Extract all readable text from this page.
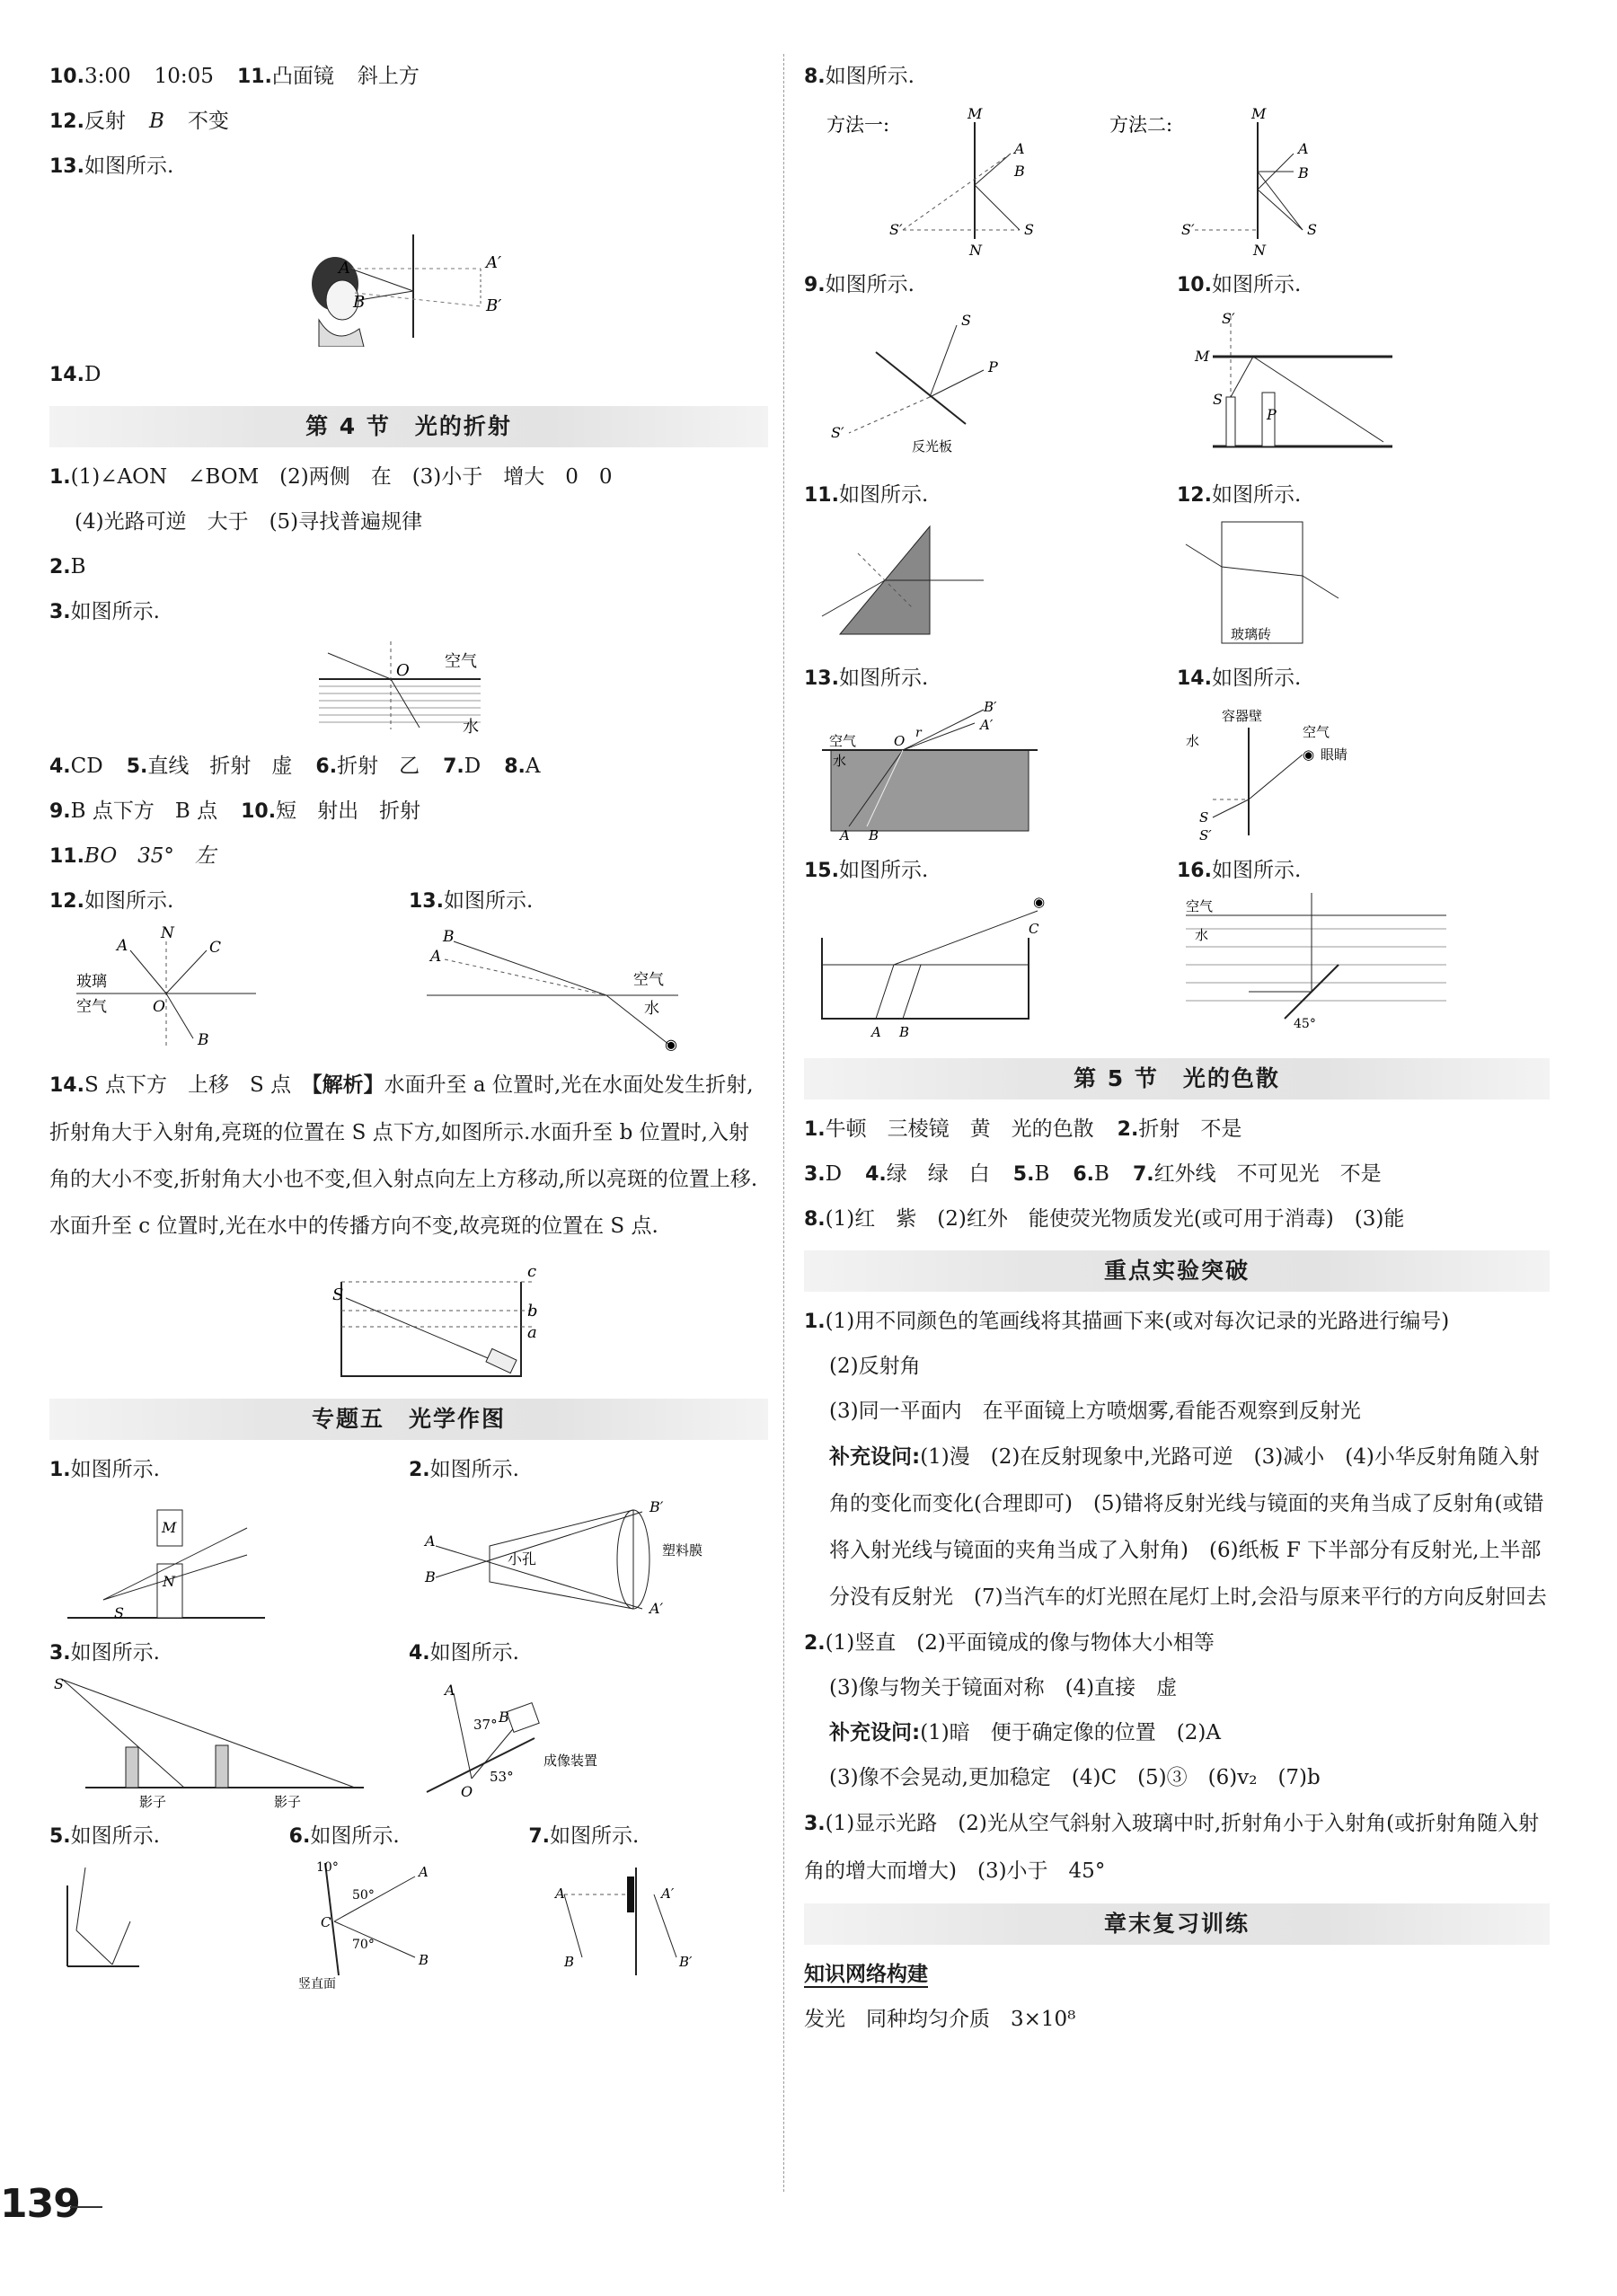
10.3:00 10:05 11.凸面镜 斜上方
12.反射 B 不变
13.如图所示.
A
B
A′
B′
14.D
第 4 节　光的折射
1.(1)∠AON　∠BOM　(2)两侧　在　(3)小于　增大　0　0
(4)光路可逆　大于　(5)寻找普遍规律
2.B
3.如图所示.
O 空气
水
4.CD 5.直线　折射　虚 6.折射　乙 7.D 8.A
9.B 点下方　B 点 10.短　射出　折射
11.BO　35°　左
12.如图所示.
A
N
C
O
B
玻璃
空气
13.如图所示.
B
A
空气
水
◉
14.S 点下方　上移　S 点　【解析】水面升至 a 位置时,光在水面处发生折射,折射角大于入射角,亮斑的位置在 S 点下方,如图所示.水面升至 b 位置时,入射角的大小不变,折射角大小也不变,但入射点向左上方移动,所以亮斑的位置上移.水面升至 c 位置时,光在水中的传播方向不变,故亮斑的位置在 S 点.
S
c
b
a
专题五　光学作图
1.如图所示.
M
N
S
2.如图所示.
A
B
B′
A′
小孔	塑料膜
3.如图所示.
S
影子	影子
4.如图所示.
A
37°
53°
B
O
成像装置
5.如图所示.	6.如图所示.
10°
50°
70°
A
B
C
竖直面
7.如图所示.
A	A′
B	B′
139
8.如图所示.
方法一:	方法二:
M
N
S′	S
A
B
M
N
S′	S
A
B
9.如图所示.
S
P
S′
反光板
10.如图所示.
S′
M
S
P
11.如图所示.	12.如图所示.
玻璃砖
13.如图所示.
空气
水
O r
B′
A′
A B
14.如图所示.
容器壁
水
空气
◉ 眼睛
S
S′
15.如图所示.
◉
C
A B
16.如图所示.
空气
水
45°
第 5 节　光的色散
1.牛顿　三棱镜　黄　光的色散 2.折射　不是
3.D 4.绿　绿　白 5.B 6.B 7.红外线　不可见光　不是
8.(1)红　紫　(2)红外　能使荧光物质发光(或可用于消毒)　(3)能
重点实验突破
1.(1)用不同颜色的笔画线将其描画下来(或对每次记录的光路进行编号)
(2)反射角
(3)同一平面内　在平面镜上方喷烟雾,看能否观察到反射光
补充设问:(1)漫　(2)在反射现象中,光路可逆　(3)减小　(4)小华反射角随入射角的变化而变化(合理即可)　(5)错将反射光线与镜面的夹角当成了反射角(或错将入射光线与镜面的夹角当成了入射角)　(6)纸板 F 下半部分有反射光,上半部分没有反射光　(7)当汽车的灯光照在尾灯上时,会沿与原来平行的方向反射回去
2.(1)竖直　(2)平面镜成的像与物体大小相等
(3)像与物关于镜面对称　(4)直接　虚
补充设问:(1)暗　便于确定像的位置　(2)A
(3)像不会晃动,更加稳定　(4)C　(5)③　(6)v₂　(7)b
3.(1)显示光路　(2)光从空气斜射入玻璃中时,折射角小于入射角(或折射角随入射角的增大而增大)　(3)小于　45°
章末复习训练
知识网络构建
发光　同种均匀介质　3×10⁸
